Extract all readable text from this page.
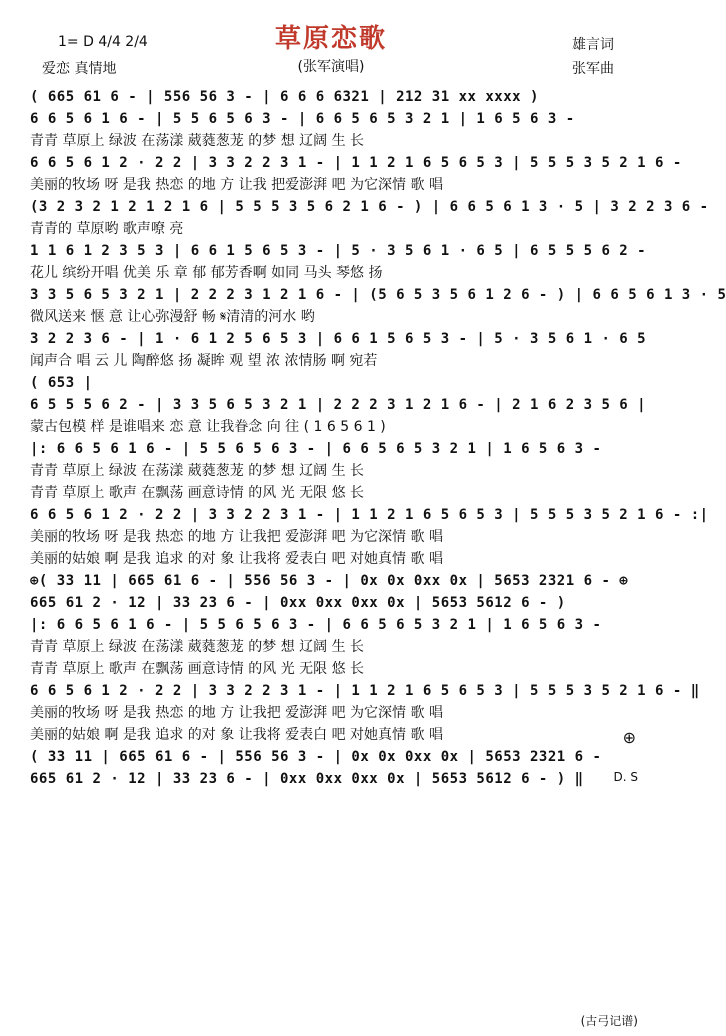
草原恋歌
(张军演唱)
1= D 4/4 2/4
爱恋 真情地
雄言词
张军曲
( 665 61 6 - | 556 56 3 - | 6 6 6 6321 | 212 31 xx xxxx )
6 6 5 6 1 6 - | 5 5 6 5 6 3 - | 6 6 5 6 5 3 2 1 | 1 6 5 6 3 -
青青 草原上 绿波 在荡漾 葳蕤葱茏 的梦 想 辽阔 生 长
6 6 5 6 1 2 · 2 2 | 3 3 2 2 3 1 - | 1 1 2 1 6 5 6 5 3 | 5 5 5 3 5 2 1 6 -
美丽的牧场 呀 是我 热恋 的地 方 让我 把爱澎湃 吧 为它深情 歌 唱
(3 2 3 2 1 2 1 2 1 6 | 5 5 5 3 5 6 2 1 6 - ) | 6 6 5 6 1 3 · 5 | 3 2 2 3 6 -
青青的 草原哟 歌声嘹 亮
1 1 6 1 2 3 5 3 | 6 6 1 5 6 5 3 - | 5 · 3 5 6 1 · 6 5 | 6 5 5 5 6 2 -
花儿 缤纷开唱 优美 乐 章 郁 郁芳香啊 如同 马头 琴悠 扬
3 3 5 6 5 3 2 1 | 2 2 2 3 1 2 1 6 - | (5 6 5 3 5 6 1 2 6 - ) | 6 6 5 6 1 3 · 5
微风送来 惬 意 让心弥漫舒 畅 𝄋清清的河水 哟
3 2 2 3 6 - | 1 · 6 1 2 5 6 5 3 | 6 6 1 5 6 5 3 - | 5 · 3 5 6 1 · 6 5
闻声合 唱 云 儿 陶醉悠 扬 凝眸 观 望 浓 浓情肠 啊 宛若
( 653 |
6 5 5 5 6 2 - | 3 3 5 6 5 3 2 1 | 2 2 2 3 1 2 1 6 - | 2 1 6 2 3 5 6 |
蒙古包模 样 是谁唱来 恋 意 让我眷念 向 往 ( 1 6 5 6 1 )
|: 6 6 5 6 1 6 - | 5 5 6 5 6 3 - | 6 6 5 6 5 3 2 1 | 1 6 5 6 3 -
青青 草原上 绿波 在荡漾 葳蕤葱茏 的梦 想 辽阔 生 长
青青 草原上 歌声 在飘荡 画意诗情 的风 光 无限 悠 长
6 6 5 6 1 2 · 2 2 | 3 3 2 2 3 1 - | 1 1 2 1 6 5 6 5 3 | 5 5 5 3 5 2 1 6 - :|
美丽的牧场 呀 是我 热恋 的地 方 让我把 爱澎湃 吧 为它深情 歌 唱
美丽的姑娘 啊 是我 追求 的对 象 让我将 爱表白 吧 对她真情 歌 唱
⊕( 33 11 | 665 61 6 - | 556 56 3 - | 0x 0x 0xx 0x | 5653 2321 6 - ⊕
665 61 2 · 12 | 33 23 6 - | 0xx 0xx 0xx 0x | 5653 5612 6 - )
|: 6 6 5 6 1 6 - | 5 5 6 5 6 3 - | 6 6 5 6 5 3 2 1 | 1 6 5 6 3 -
青青 草原上 绿波 在荡漾 葳蕤葱茏 的梦 想 辽阔 生 长
青青 草原上 歌声 在飘荡 画意诗情 的风 光 无限 悠 长
6 6 5 6 1 2 · 2 2 | 3 3 2 2 3 1 - | 1 1 2 1 6 5 6 5 3 | 5 5 5 3 5 2 1 6 - ‖
美丽的牧场 呀 是我 热恋 的地 方 让我把 爱澎湃 吧 为它深情 歌 唱
美丽的姑娘 啊 是我 追求 的对 象 让我将 爱表白 吧 对她真情 歌 唱
( 33 11 | 665 61 6 - | 556 56 3 - | 0x 0x 0xx 0x | 5653 2321 6 -
665 61 2 · 12 | 33 23 6 - | 0xx 0xx 0xx 0x | 5653 5612 6 - ) ‖
⊕
D. S
(古弓记谱)
